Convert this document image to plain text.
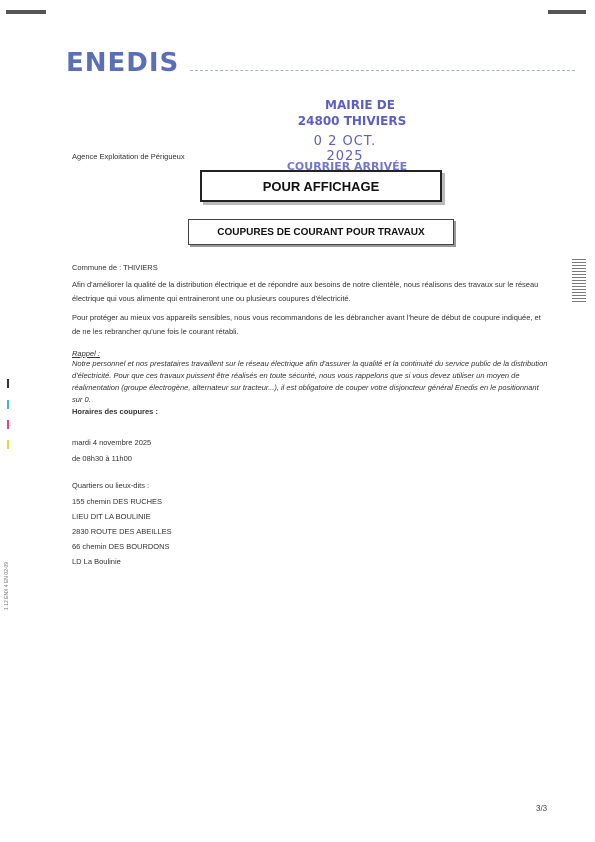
ENEDIS
MAIRIE DE
24800 THIVIERS
0 2 OCT. 2025
COURRIER ARRIVÉE
Agence Exploitation de Périgueux
POUR AFFICHAGE
COUPURES DE COURANT POUR TRAVAUX
Commune de : THIVIERS
Afin d'améliorer la qualité de la distribution électrique et de répondre aux besoins de notre clientèle, nous réalisons des travaux sur le réseau électrique qui vous alimente qui entraineront une ou plusieurs coupures d'électricité.
Pour protéger au mieux vos appareils sensibles, nous vous recommandons de les débrancher avant l'heure de début de coupure indiquée, et de ne les rebrancher qu'une fois le courant rétabli.
Rappel :
Notre personnel et nos prestataires travaillent sur le réseau électrique afin d'assurer la qualité et la continuité du service public de la distribution d'électricité. Pour que ces travaux puissent être réalisés en toute sécurité, nous vous rappelons que si vous devez utiliser un moyen de réalimentation (groupe électrogène, alternateur sur tracteur...), il est obligatoire de couper votre disjoncteur général Enedis en le positionnant sur 0.
Horaires des coupures :
mardi 4 novembre 2025
de 08h30 à 11h00
Quartiers ou lieux-dits :
155 chemin DES RUCHES
LIEU DIT LA BOULINIE
2830 ROUTE DES ABEILLES
66 chemin DES BOURDONS
LD La Boulinie
3/3
1 12 ENX 4 EN 02-09
